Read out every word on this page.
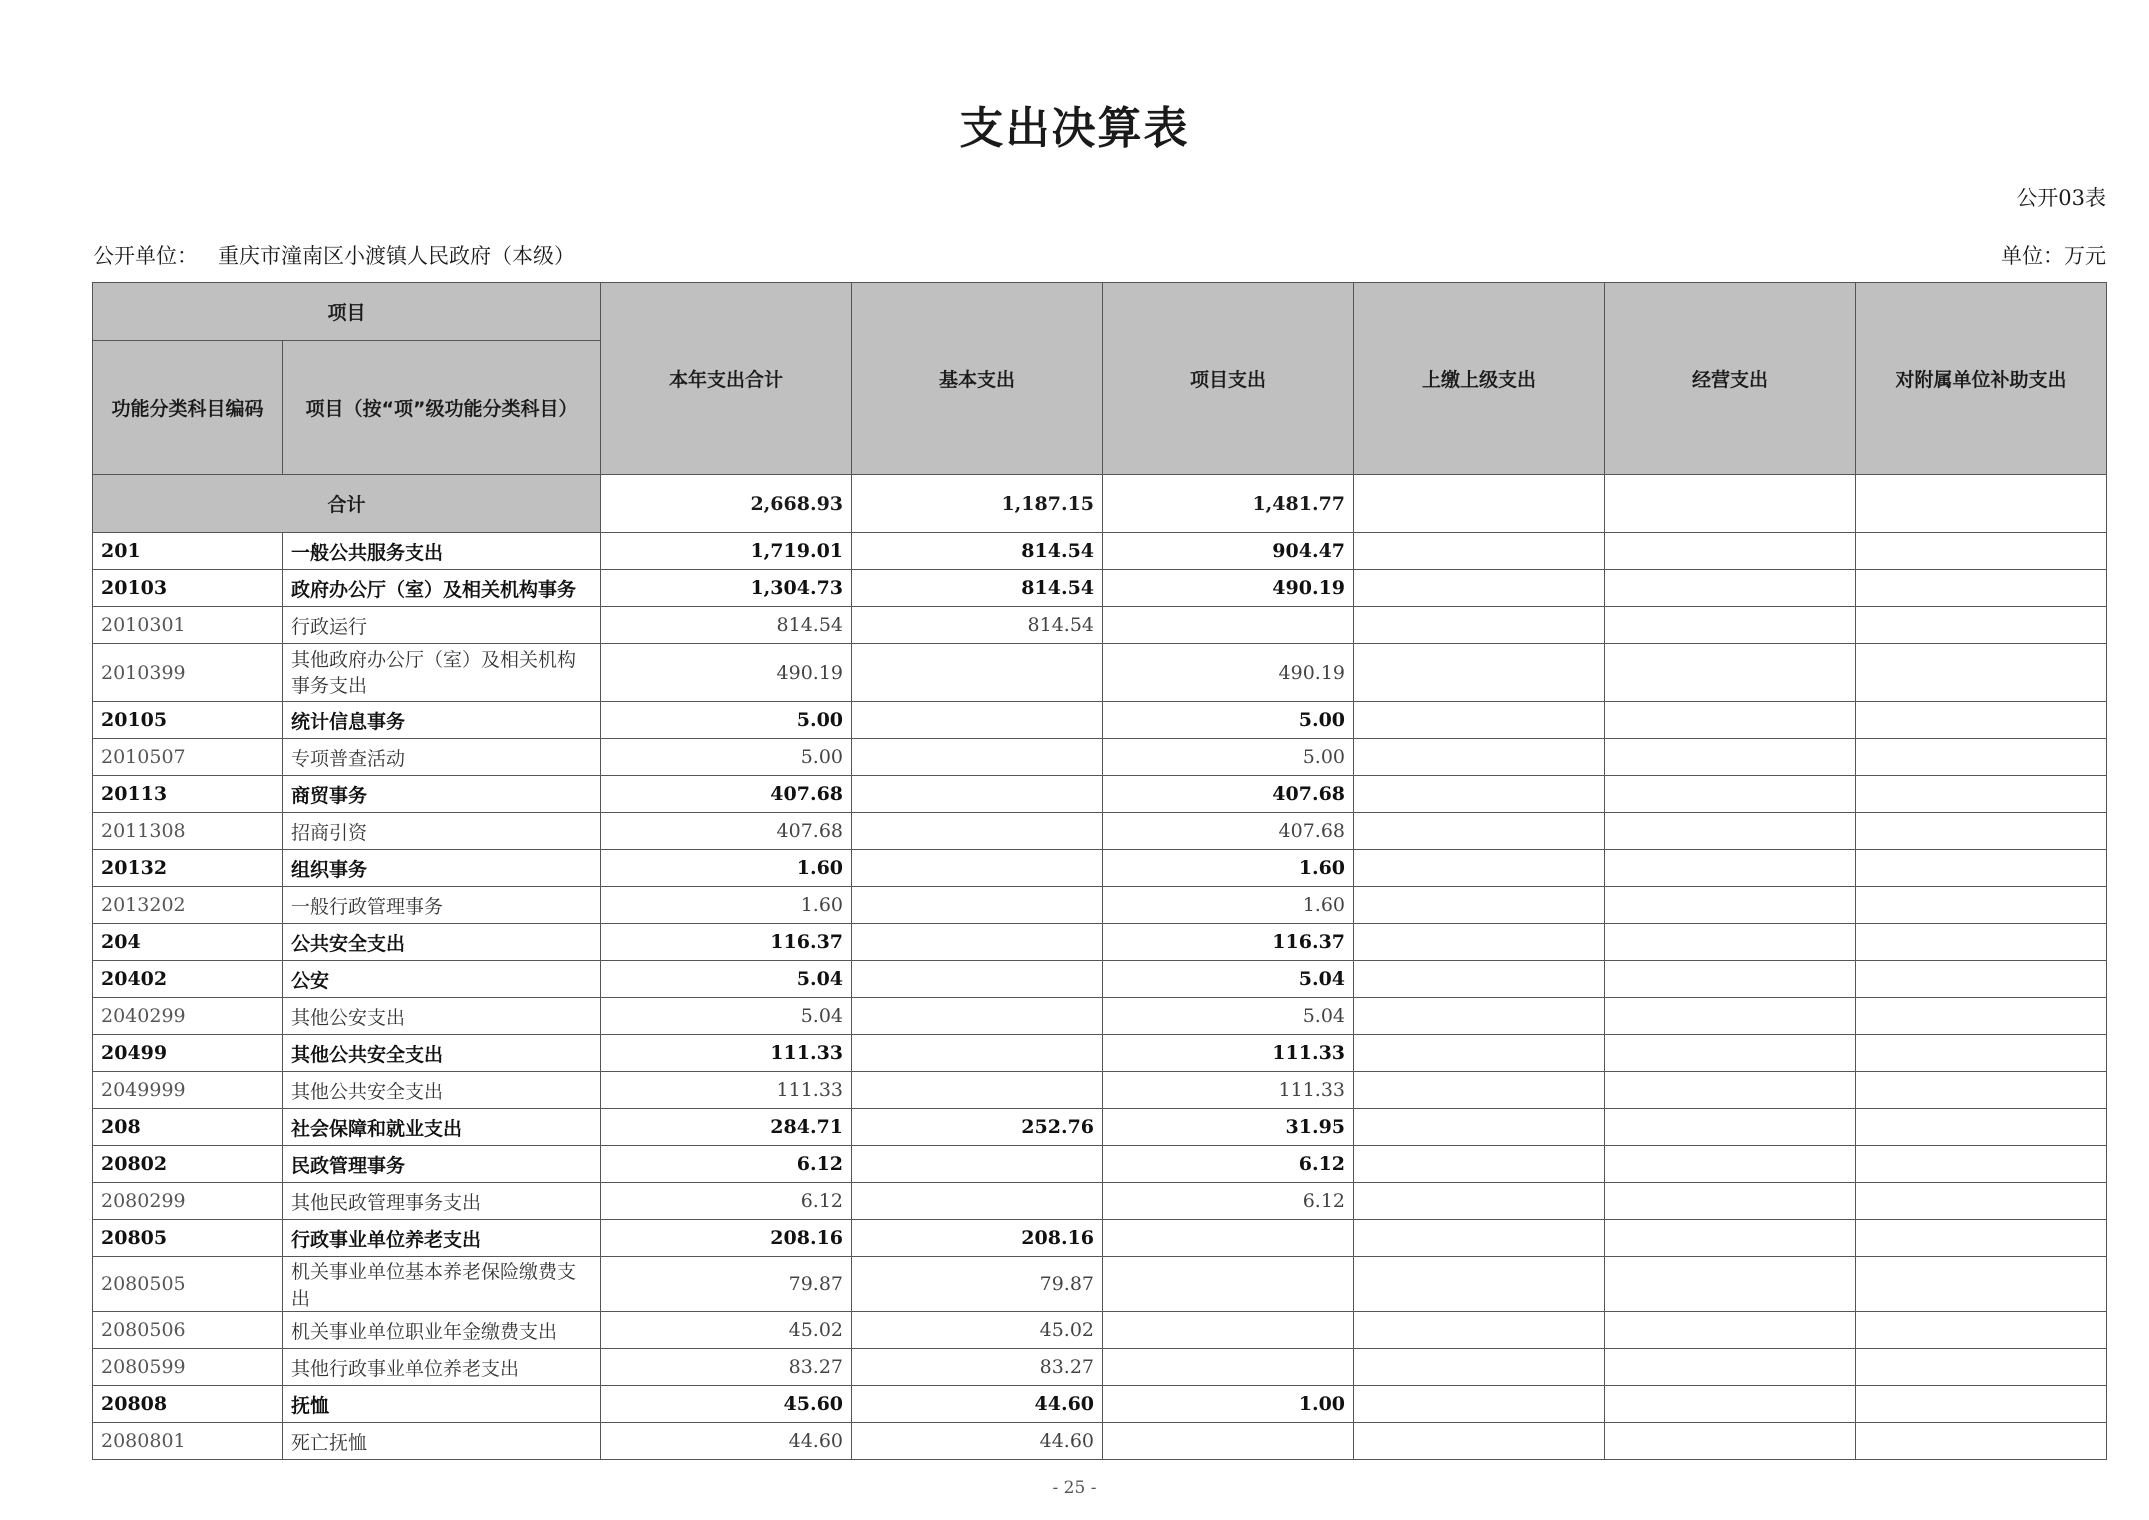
支出决算表
公开03表
公开单位： 重庆市潼南区小渡镇人民政府（本级）	单位：万元
项目		本年支出合计	基本支出	项目支出	上缴上级支出	经营支出	对附属单位补助支出
功能分类科目编码	项目（按“项”级功能分类科目）						
合计		2,668.93	1,187.15	1,481.77			
201	一般公共服务支出	1,719.01	814.54	904.47			
20103	政府办公厅（室）及相关机构事务	1,304.73	814.54	490.19			
2010301	行政运行	814.54	814.54				
2010399	其他政府办公厅（室）及相关机构事务支出	490.19		490.19			
20105	统计信息事务	5.00		5.00			
2010507	专项普查活动	5.00		5.00			
20113	商贸事务	407.68		407.68			
2011308	招商引资	407.68		407.68			
20132	组织事务	1.60		1.60			
2013202	一般行政管理事务	1.60		1.60			
204	公共安全支出	116.37		116.37			
20402	公安	5.04		5.04			
2040299	其他公安支出	5.04		5.04			
20499	其他公共安全支出	111.33		111.33			
2049999	其他公共安全支出	111.33		111.33			
208	社会保障和就业支出	284.71	252.76	31.95			
20802	民政管理事务	6.12		6.12			
2080299	其他民政管理事务支出	6.12		6.12			
20805	行政事业单位养老支出	208.16	208.16				
2080505	机关事业单位基本养老保险缴费支出	79.87	79.87				
2080506	机关事业单位职业年金缴费支出	45.02	45.02				
2080599	其他行政事业单位养老支出	83.27	83.27				
20808	抚恤	45.60	44.60	1.00			
2080801	死亡抚恤	44.60	44.60				
- 25 -
